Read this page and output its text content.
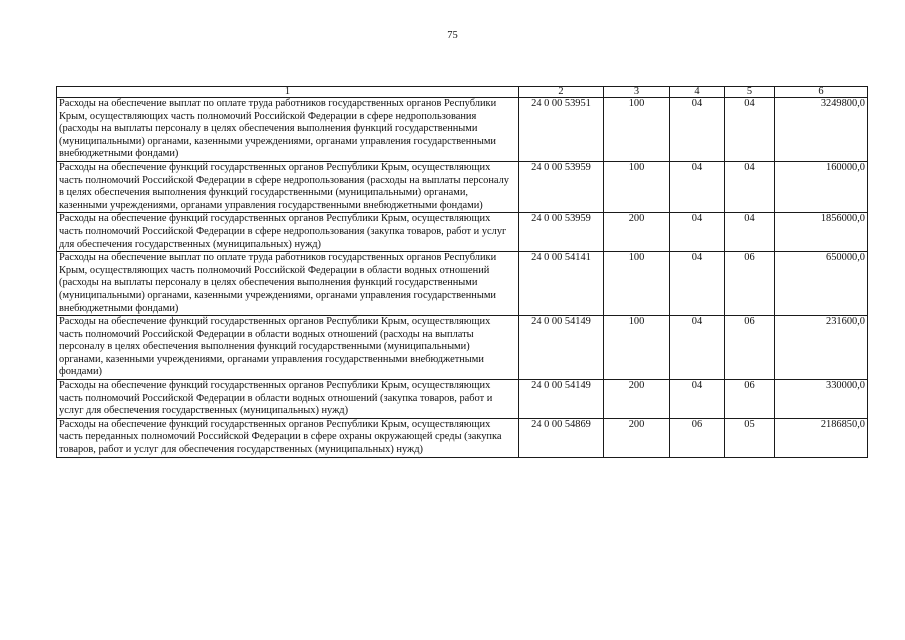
75
1	2	3	4	5	6
Расходы на обеспечение выплат по оплате труда работников государственных органов Республики Крым, осуществляющих часть полномочий Российской Федерации в сфере недропользования (расходы на выплаты персоналу в целях обеспечения выполнения функций государственными (муниципальными) органами, казенными учреждениями, органами управления государственными внебюджетными фондами)	24 0 00 53951	100	04	04	3249800,0
Расходы на обеспечение функций государственных органов Республики Крым, осуществляющих часть полномочий Российской Федерации в сфере недропользования (расходы на выплаты персоналу в целях обеспечения выполнения функций государственными (муниципальными) органами, казенными учреждениями, органами управления государственными внебюджетными фондами)	24 0 00 53959	100	04	04	160000,0
Расходы на обеспечение функций государственных органов Республики Крым, осуществляющих часть полномочий Российской Федерации в сфере недропользования (закупка товаров, работ и услуг для обеспечения государственных (муниципальных) нужд)	24 0 00 53959	200	04	04	1856000,0
Расходы на обеспечение выплат по оплате труда работников государственных органов Республики Крым, осуществляющих часть полномочий Российской Федерации в области водных отношений (расходы на выплаты персоналу в целях обеспечения выполнения функций государственными (муниципальными) органами, казенными учреждениями, органами управления государственными внебюджетными фондами)	24 0 00 54141	100	04	06	650000,0
Расходы на обеспечение функций государственных органов Республики Крым, осуществляющих часть полномочий Российской Федерации в области водных отношений (расходы на выплаты персоналу в целях обеспечения выполнения функций государственными (муниципальными) органами, казенными учреждениями, органами управления государственными внебюджетными фондами)	24 0 00 54149	100	04	06	231600,0
Расходы на обеспечение функций государственных органов Республики Крым, осуществляющих часть полномочий Российской Федерации в области водных отношений (закупка товаров, работ и услуг для обеспечения государственных (муниципальных) нужд)	24 0 00 54149	200	04	06	330000,0
Расходы на обеспечение функций государственных органов Республики Крым, осуществляющих часть переданных полномочий Российской Федерации в сфере охраны окружающей среды (закупка товаров, работ и услуг для обеспечения государственных (муниципальных) нужд)	24 0 00 54869	200	06	05	2186850,0
